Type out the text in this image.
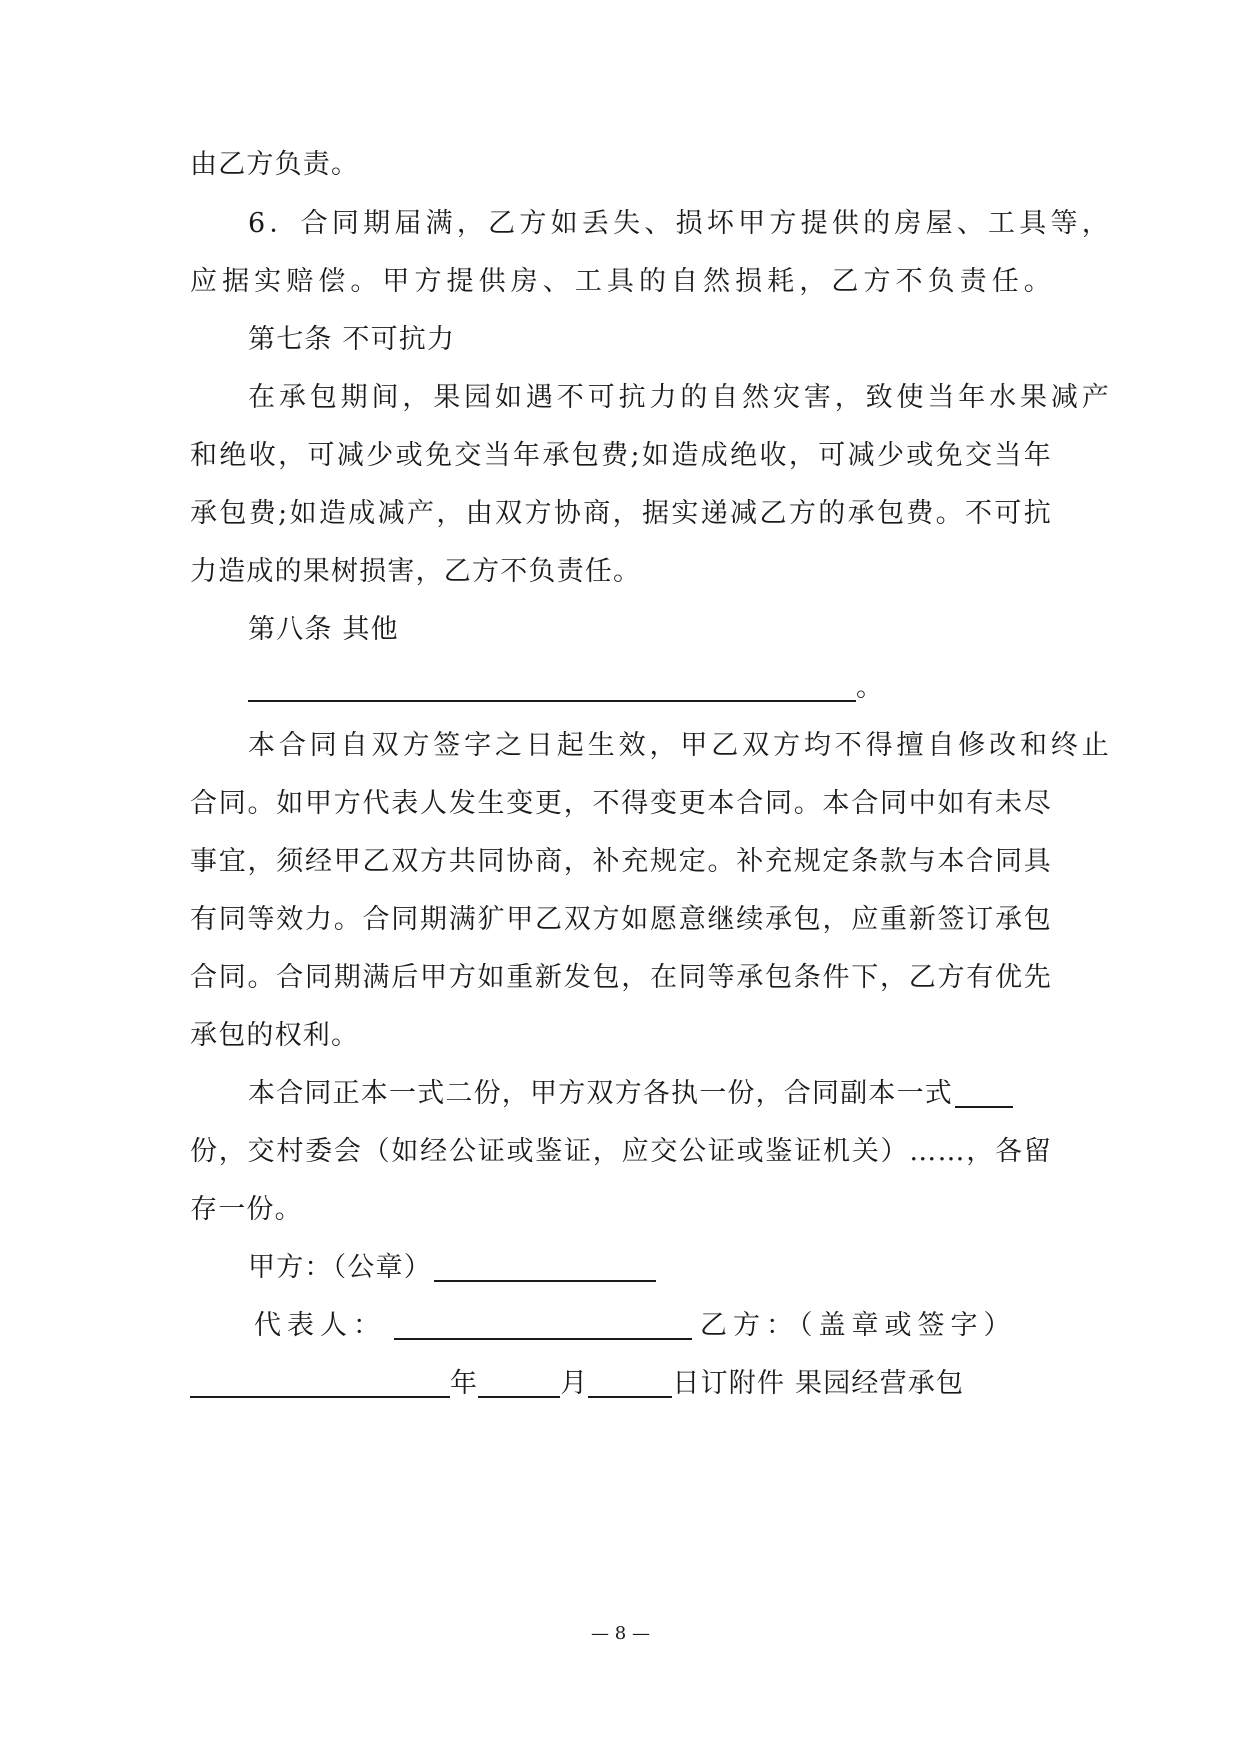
由乙方负责。
6．合同期届满，乙方如丢失、损坏甲方提供的房屋、工具等，
应据实赔偿。甲方提供房、工具的自然损耗，乙方不负责任。
第七条 不可抗力
在承包期间，果园如遇不可抗力的自然灾害，致使当年水果减产
和绝收，可减少或免交当年承包费;如造成绝收，可减少或免交当年
承包费;如造成减产，由双方协商，据实递减乙方的承包费。不可抗
力造成的果树损害，乙方不负责任。
第八条 其他
。
本合同自双方签字之日起生效，甲乙双方均不得擅自修改和终止
合同。如甲方代表人发生变更，不得变更本合同。本合同中如有未尽
事宜，须经甲乙双方共同协商，补充规定。补充规定条款与本合同具
有同等效力。合同期满犷甲乙双方如愿意继续承包，应重新签订承包
合同。合同期满后甲方如重新发包，在同等承包条件下，乙方有优先
承包的权利。
本合同正本一式二份，甲方双方各执一份，合同副本一式
份，交村委会（如经公证或鉴证，应交公证或鉴证机关）……，各留
存一份。
甲方：（公章）
代表人：	乙方：（盖章或签字）
年	月	日订附件 果园经营承包
— 8 —
